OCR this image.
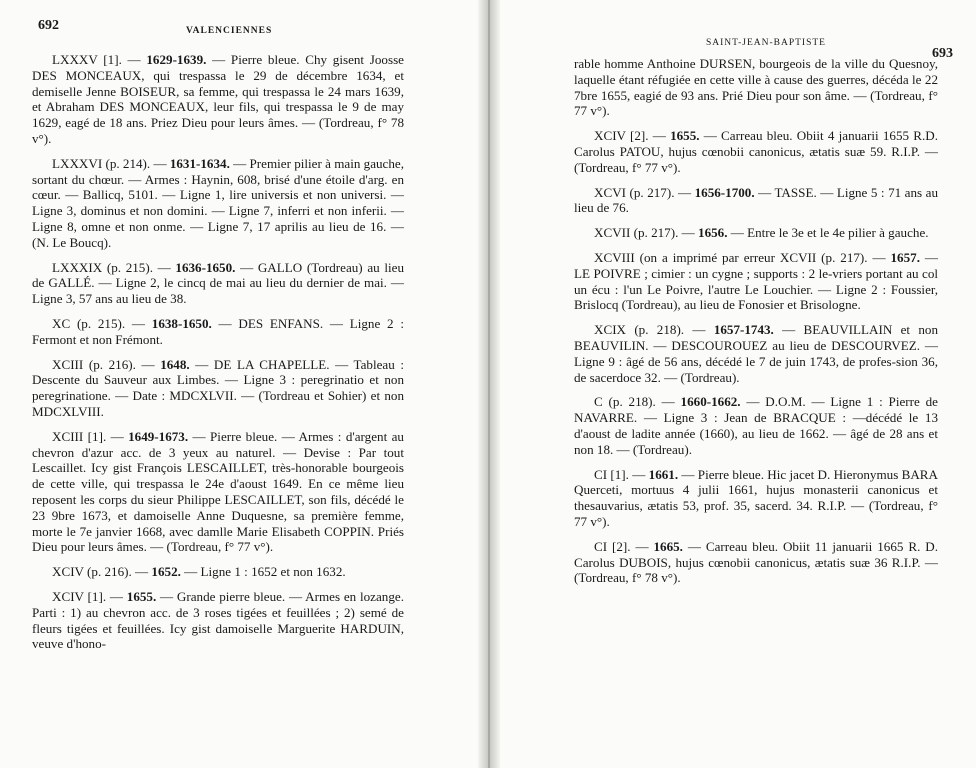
692	VALENCIENNES

LXXXV [1]. — 1629-1639. — Pierre bleue. Chy gisent Joosse DES MONCEAUX, qui trespassa le 29 de décembre 1634, et demiselle Jenne BOISEUR, sa femme, qui trespassa le 24 mars 1639, et Abraham DES MONCEAUX, leur fils, qui trespassa le 9 de may 1629, eagé de 18 ans. Priez Dieu pour leurs âmes. — (Tordreau, f° 78 v°).

LXXXVI (p. 214). — 1631-1634. — Premier pilier à main gauche, sortant du chœur. — Armes : Haynin, 608, brisé d'une étoile d'arg. en cœur. — Ballicq, 5101. — Ligne 1, lire universis et non universi. — Ligne 3, dominus et non domini. — Ligne 7, inferri et non inferii. — Ligne 8, omne et non onme. — Ligne 7, 17 aprilis au lieu de 16. — (N. Le Boucq).

LXXXIX (p. 215). — 1636-1650. — GALLO (Tordreau) au lieu de GALLÉ. — Ligne 2, le cincq de mai au lieu du dernier de mai. — Ligne 3, 57 ans au lieu de 38.

XC (p. 215). — 1638-1650. — DES ENFANS. — Ligne 2 : Fermont et non Frémont.

XCIII (p. 216). — 1648. — DE LA CHAPELLE. — Tableau : Descente du Sauveur aux Limbes. — Ligne 3 : peregrinatio et non peregrinatione. — Date : MDCXLVII. — (Tordreau et Sohier) et non MDCXLVIII.

XCIII [1]. — 1649-1673. — Pierre bleue. — Armes : d'argent au chevron d'azur acc. de 3 yeux au naturel. — Devise : Par tout Lescaillet. Icy gist François LESCAILLET, très-honorable bourgeois de cette ville, qui trespassa le 24e d'aoust 1649. En ce même lieu reposent les corps du sieur Philippe LESCAILLET, son fils, décédé le 23 9bre 1673, et damoiselle Anne Duquesne, sa première femme, morte le 7e janvier 1668, avec damlle Marie Elisabeth COPPIN. Priés Dieu pour leurs âmes. — (Tordreau, f° 77 v°).

XCIV (p. 216). — 1652. — Ligne 1 : 1652 et non 1632.

XCIV [1]. — 1655. — Grande pierre bleue. — Armes en lozange. Parti : 1) au chevron acc. de 3 roses tigées et feuillées ; 2) semé de fleurs tigées et feuillées. Icy gist damoiselle Marguerite HARDUIN, veuve d'hono-

SAINT-JEAN-BAPTISTE
693

rable homme Anthoine DURSEN, bourgeois de la ville du Quesnoy, laquelle étant réfugiée en cette ville à cause des guerres, décéda le 22 7bre 1655, eagié de 93 ans. Prié Dieu pour son âme. — (Tordreau, f° 77 v°).

XCIV [2]. — 1655. — Carreau bleu. Obiit 4 januarii 1655 R.D. Carolus PATOU, hujus cœnobii canonicus, ætatis suæ 59. R.I.P. — (Tordreau, f° 77 v°).

XCVI (p. 217). — 1656-1700. — TASSE. — Ligne 5 : 71 ans au lieu de 76.

XCVII (p. 217). — 1656. — Entre le 3e et le 4e pilier à gauche.

XCVIII (on a imprimé par erreur XCVII (p. 217). — 1657. — LE POIVRE ; cimier : un cygne ; supports : 2 le-vriers portant au col un écu : l'un Le Poivre, l'autre Le Louchier. — Ligne 2 : Foussier, Brislocq (Tordreau), au lieu de Fonosier et Brisologne.

XCIX (p. 218). — 1657-1743. — BEAUVILLAIN et non BEAUVILIN. — DESCOUROUEZ au lieu de DESCOURVEZ. — Ligne 9 : âgé de 56 ans, décédé le 7 de juin 1743, de profes-sion 36, de sacerdoce 32. — (Tordreau).

C (p. 218). — 1660-1662. — D.O.M. — Ligne 1 : Pierre de NAVARRE. — Ligne 3 : Jean de BRACQUE : —décédé le 13 d'aoust de ladite année (1660), au lieu de 1662. — âgé de 28 ans et non 18. — (Tordreau).

CI [1]. — 1661. — Pierre bleue. Hic jacet D. Hieronymus BARA Querceti, mortuus 4 julii 1661, hujus monasterii canonicus et thesauvarius, ætatis 53, prof. 35, sacerd. 34. R.I.P. — (Tordreau, f° 77 v°).

CI [2]. — 1665. — Carreau bleu. Obiit 11 januarii 1665 R. D. Carolus DUBOIS, hujus cœnobii canonicus, ætatis suæ 36 R.I.P. — (Tordreau, f° 78 v°).
